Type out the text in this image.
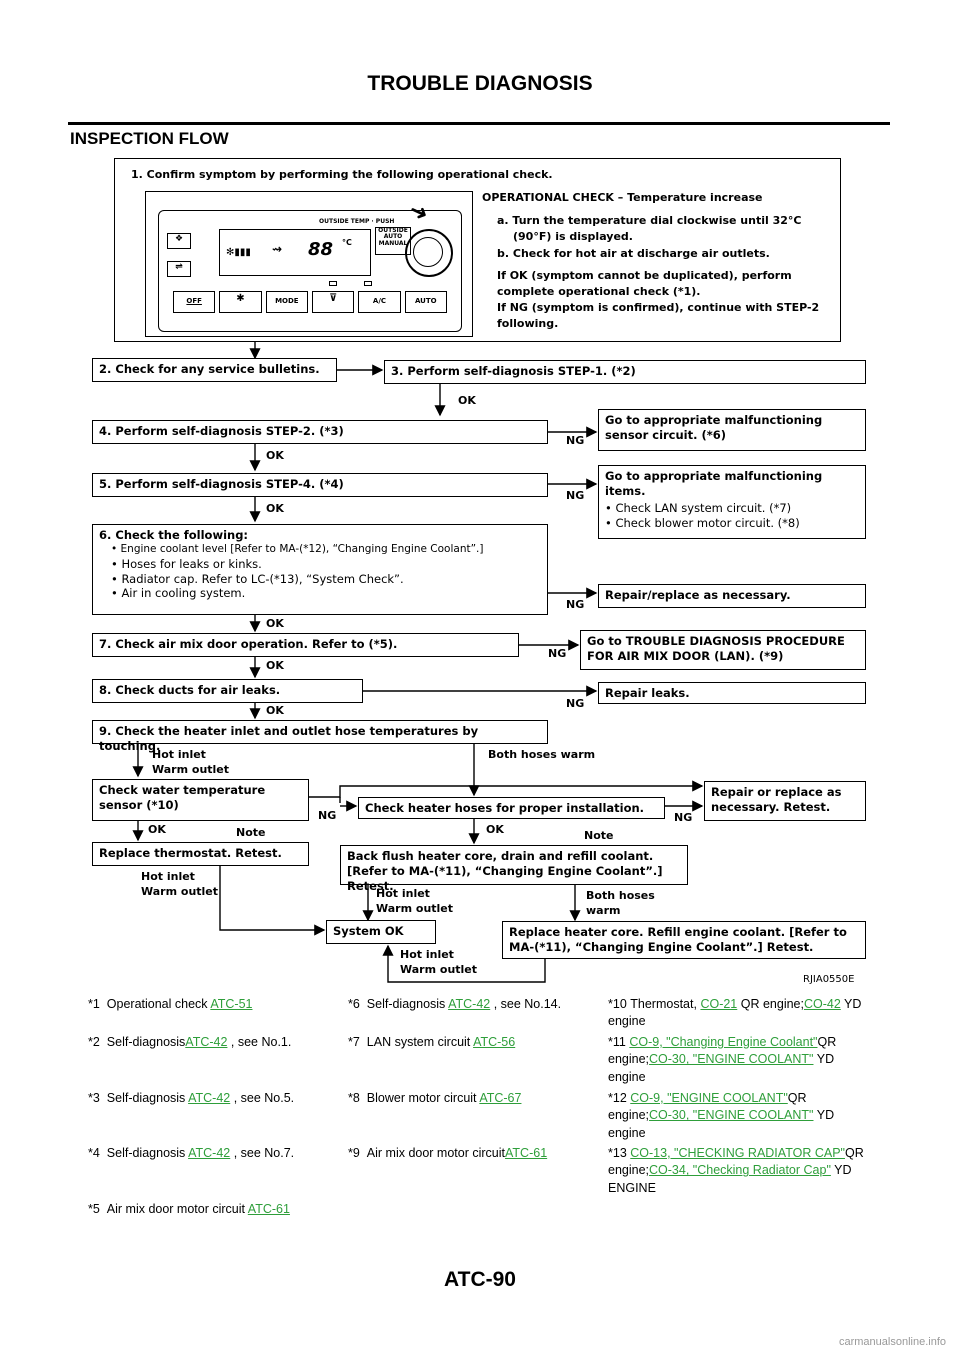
TROUBLE DIAGNOSIS
INSPECTION FLOW
1. Confirm symptom by performing the following operational check.
❖
⇌
✻▮▮▮ ⇝ 88 °C
OUTSIDE TEMP · PUSH
OUTSIDE
AUTO
MANUAL
➜
OFF	✱	MODE	⊽	A/C	AUTO
OPERATIONAL CHECK – Temperature increase
a. Turn the temperature dial clockwise until 32°C
(90°F) is displayed.
b. Check for hot air at discharge air outlets.
If OK (symptom cannot be duplicated), perform
complete operational check (*1).
If NG (symptom is confirmed), continue with STEP-2
following.
2. Check for any service bulletins.	3. Perform self-diagnosis STEP-1. (*2)
4. Perform self-diagnosis STEP-2. (*3)
OK
NG
Go to appropriate malfunctioning sensor circuit. (*6)
OK
5. Perform self-diagnosis STEP-4. (*4)
NG
Go to appropriate malfunctioning items.
• Check LAN system circuit. (*7)
• Check blower motor circuit. (*8)
OK
6. Check the following:
• Engine coolant level [Refer to MA-(*12), “Changing Engine Coolant”.]
• Hoses for leaks or kinks.
• Radiator cap. Refer to LC-(*13), “System Check”.
• Air in cooling system.
NG
Repair/replace as necessary.
OK
7. Check air mix door operation. Refer to (*5).
NG
Go to TROUBLE DIAGNOSIS PROCEDURE FOR AIR MIX DOOR (LAN). (*9)
OK
8. Check ducts for air leaks.
NG
Repair leaks.
OK
9. Check the heater inlet and outlet hose temperatures by touching.
Hot inlet
Warm outlet
Both hoses warm
Check water temperature sensor (*10)
NG
Check heater hoses for proper installation.
NG
Repair or replace as necessary. Retest.
OK	Note	OK	Note
Replace thermostat. Retest.	Back flush heater core, drain and refill coolant. [Refer to MA-(*11), “Changing Engine Coolant”.] Retest.
Hot inlet
Warm outlet	Hot inlet
Warm outlet
Both hoses
warm
System OK	Replace heater core. Refill engine coolant. [Refer to MA-(*11), “Changing Engine Coolant”.] Retest.
Hot inlet
Warm outlet
RJIA0550E
*1 Operational check ATC-51
*2 Self-diagnosisATC-42 , see No.1.
*3 Self-diagnosis ATC-42 , see No.5.
*4 Self-diagnosis ATC-42 , see No.7.
*5 Air mix door motor circuit ATC-61
*6 Self-diagnosis ATC-42 , see No.14.
*7 LAN system circuit ATC-56
*8 Blower motor circuit ATC-67
*9 Air mix door motor circuitATC-61
*10 Thermostat, CO-21 QR engine;CO-42 YD engine
*11 CO-9, "Changing Engine Coolant"QR engine;CO-30, "ENGINE COOLANT" YD engine
*12 CO-9, "ENGINE COOLANT"QR engine;CO-30, "ENGINE COOLANT" YD engine
*13 CO-13, "CHECKING RADIATOR CAP"QR engine;CO-34, "Checking Radiator Cap" YD ENGINE
ATC-90
carmanualsonline.info
